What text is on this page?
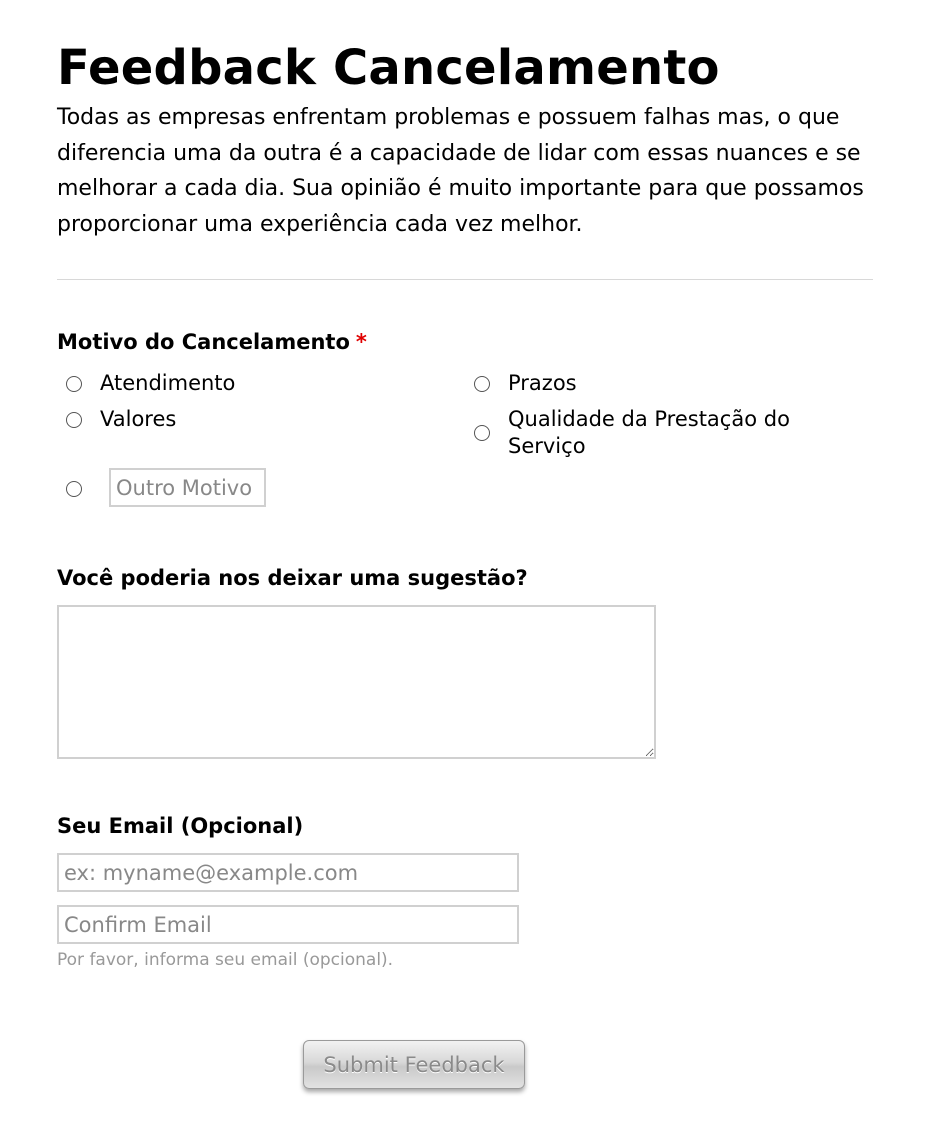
Feedback Cancelamento

Todas as empresas enfrentam problemas e possuem falhas mas, o que diferencia uma da outra é a capacidade de lidar com essas nuances e se melhorar a cada dia. Sua opinião é muito importante para que possamos proporcionar uma experiência cada vez melhor.

Motivo do Cancelamento *
Atendimento	Prazos
Valores	Qualidade da Prestação do Serviço
Outro Motivo
Você poderia nos deixar uma sugestão?
Seu Email (Opcional)
ex: myname@example.com
Confirm Email

Por favor, informa seu email (opcional).

Submit Feedback
